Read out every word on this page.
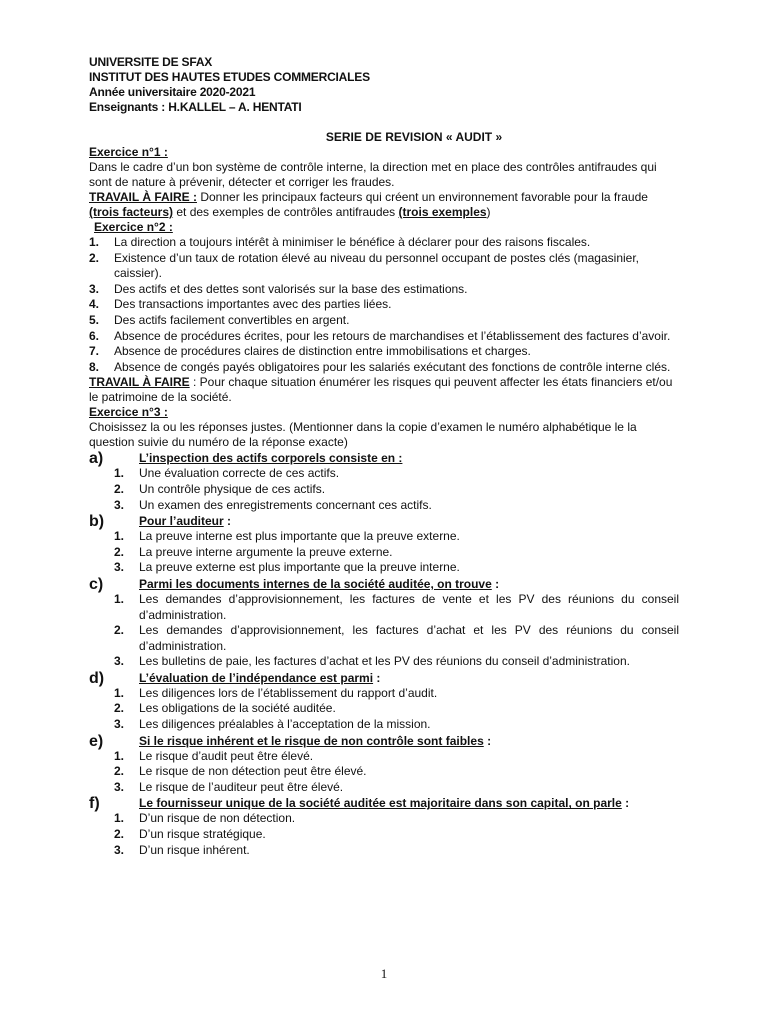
UNIVERSITE DE SFAX
INSTITUT DES HAUTES ETUDES COMMERCIALES
Année universitaire 2020-2021
Enseignants : H.KALLEL – A. HENTATI
SERIE DE REVISION « AUDIT »
Exercice n°1 :

Dans le cadre d’un bon système de contrôle interne, la direction met en place des contrôles antifraudes qui sont de nature à prévenir, détecter et corriger les fraudes.

TRAVAIL À FAIRE : Donner les principaux facteurs qui créent un environnement favorable pour la fraude (trois facteurs) et des exemples de contrôles antifraudes (trois exemples)

Exercice n°2 :
1.	La direction a toujours intérêt à minimiser le bénéfice à déclarer pour des raisons fiscales.
2.	Existence d’un taux de rotation élevé au niveau du personnel occupant de postes clés (magasinier, caissier).
3.	Des actifs et des dettes sont valorisés sur la base des estimations.
4.	Des transactions importantes avec des parties liées.
5.	Des actifs facilement convertibles en argent.
6.	Absence de procédures écrites, pour les retours de marchandises et l’établissement des factures d’avoir.
7.	Absence de procédures claires de distinction entre immobilisations et charges.
8.	Absence de congés payés obligatoires pour les salariés exécutant des fonctions de contrôle interne clés.

TRAVAIL À FAIRE : Pour chaque situation énumérer les risques qui peuvent affecter les états financiers et/ou le patrimoine de la société.

Exercice n°3 :

Choisissez la ou les réponses justes. (Mentionner dans la copie d’examen le numéro alphabétique le la question suivie du numéro de la réponse exacte)

a)	L’inspection des actifs corporels consiste en :
1.	Une évaluation correcte de ces actifs.
2.	Un contrôle physique de ces actifs.
3.	Un examen des enregistrements concernant ces actifs.
b)	Pour l’auditeur :
1.	La preuve interne est plus importante que la preuve externe.
2.	La preuve interne argumente la preuve externe.
3.	La preuve externe est plus importante que la preuve interne.
c)	Parmi les documents internes de la société auditée, on trouve :
1.	Les demandes d’approvisionnement, les factures de vente et les PV des réunions du conseil d’administration.
2.	Les demandes d’approvisionnement, les factures d’achat et les PV des réunions du conseil d’administration.
3.	Les bulletins de paie, les factures d’achat et les PV des réunions du conseil d’administration.
d)	L’évaluation de l’indépendance est parmi :
1.	Les diligences lors de l’établissement du rapport d’audit.
2.	Les obligations de la société auditée.
3.	Les diligences préalables à l’acceptation de la mission.
e)	Si le risque inhérent et le risque de non contrôle sont faibles :
1.	Le risque d’audit peut être élevé.
2.	Le risque de non détection peut être élevé.
3.	Le risque de l’auditeur peut être élevé.
f)	Le fournisseur unique de la société auditée est majoritaire dans son capital, on parle :
1.	D’un risque de non détection.
2.	D’un risque stratégique.
3.	D’un risque inhérent.
1
